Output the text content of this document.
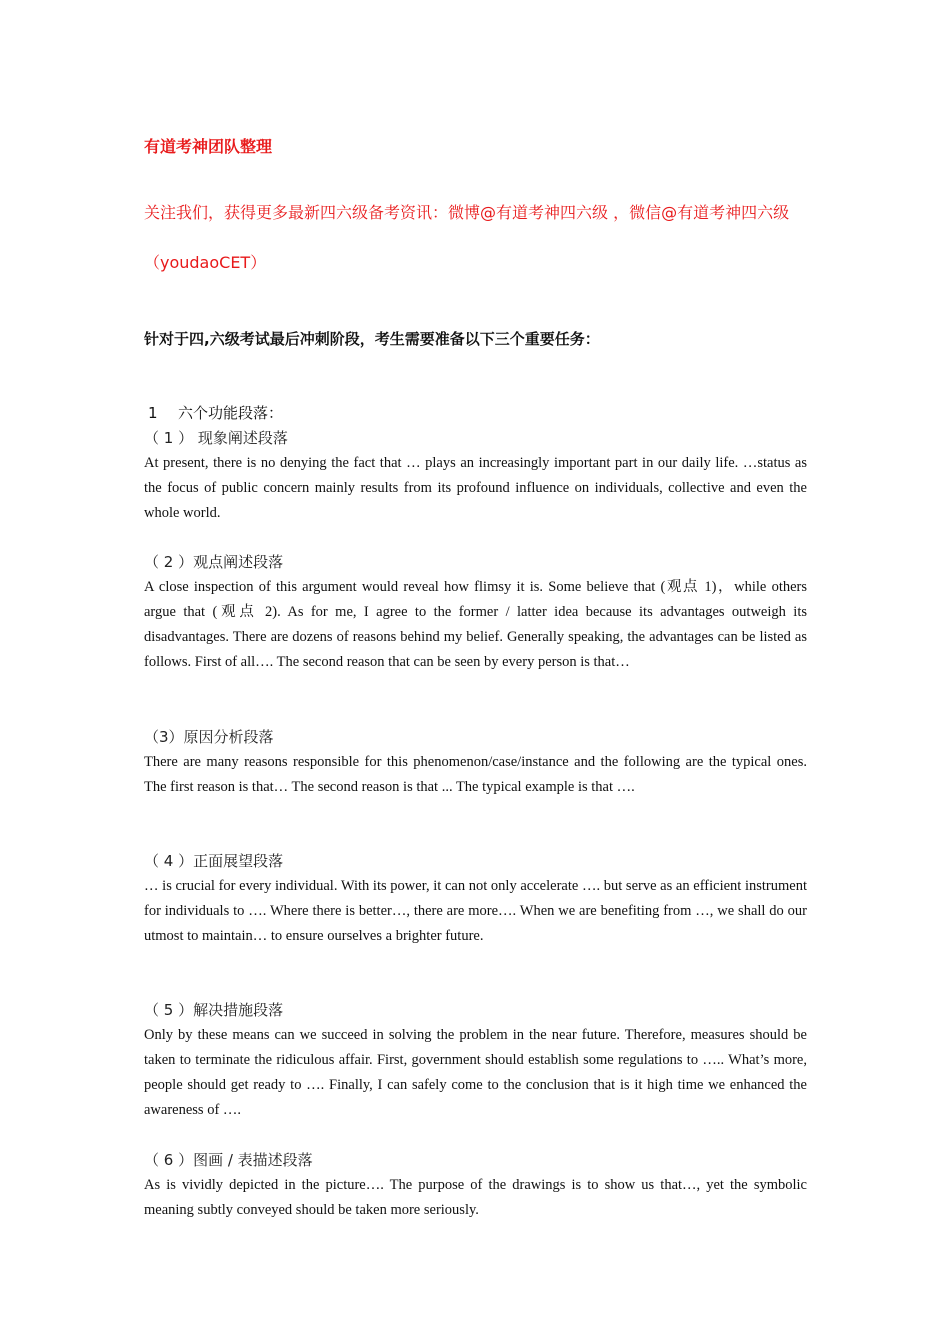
有道考神团队整理
关注我们，获得更多最新四六级备考资讯：微博@有道考神四六级 ，微信@有道考神四六级（youdaoCET）
针对于四,六级考试最后冲刺阶段，考生需要准备以下三个重要任务：
1 六个功能段落：
（ 1 ） 现象阐述段落
At present, there is no denying the fact that … plays an increasingly important part in our daily life. …status as the focus of public concern mainly results from its profound influence on individuals, collective and even the whole world.
（ 2 ）观点阐述段落
A close inspection of this argument would reveal how flimsy it is. Some believe that (观点 1)，while others argue that (观点 2). As for me, I agree to the former / latter idea because its advantages outweigh its disadvantages. There are dozens of reasons behind my belief. Generally speaking, the advantages can be listed as follows. First of all…. The second reason that can be seen by every person is that…
（3）原因分析段落
There are many reasons responsible for this phenomenon/case/instance and the following are the typical ones. The first reason is that… The second reason is that ... The typical example is that ….
（ 4 ）正面展望段落
… is crucial for every individual. With its power, it can not only accelerate …. but serve as an efficient instrument for individuals to …. Where there is better…, there are more…. When we are benefiting from …, we shall do our utmost to maintain… to ensure ourselves a brighter future.
（ 5 ）解决措施段落
Only by these means can we succeed in solving the problem in the near future. Therefore, measures should be taken to terminate the ridiculous affair. First, government should establish some regulations to ….. What’s more, people should get ready to …. Finally, I can safely come to the conclusion that is it high time we enhanced the awareness of ….
（ 6 ）图画 / 表描述段落
As is vividly depicted in the picture…. The purpose of the drawings is to show us that…, yet the symbolic meaning subtly conveyed should be taken more seriously.
